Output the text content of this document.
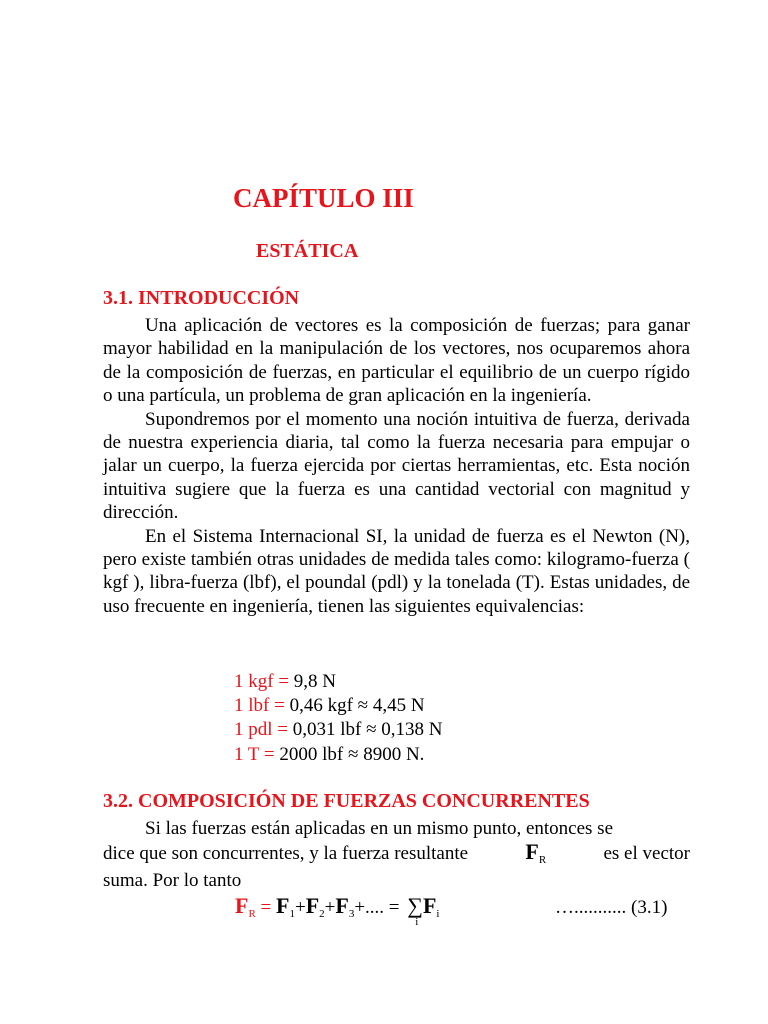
CAPÍTULO III
ESTÁTICA
3.1. INTRODUCCIÓN

Una aplicación de vectores es la composición de fuerzas; para ganar mayor habilidad en la manipulación de los vectores, nos ocuparemos ahora de la composición de fuerzas, en particular el equilibrio de un cuerpo rígido o una partícula, un problema de gran aplicación en la ingeniería.

Supondremos por el momento una noción intuitiva de fuerza, derivada de nuestra experiencia diaria, tal como la fuerza necesaria para empujar o jalar un cuerpo, la fuerza ejercida por ciertas herramientas, etc. Esta noción intuitiva sugiere que la fuerza es una cantidad vectorial con magnitud y dirección.

En el Sistema Internacional SI, la unidad de fuerza es el Newton (N), pero existe también otras unidades de medida tales como: kilogramo-fuerza ( kgf ), libra-fuerza (lbf), el poundal (pdl) y la tonelada (T). Estas unidades, de uso frecuente en ingeniería, tienen las siguientes equivalencias:

1 kgf = 9,8 N
1 lbf = 0,46 kgf ≈ 4,45 N
1 pdl = 0,031 lbf ≈ 0,138 N
1 T = 2000 lbf ≈ 8900 N.
3.2. COMPOSICIÓN DE FUERZAS CONCURRENTES
Si las fuerzas están aplicadas en un mismo punto, entonces se
dice que son concurrentes, y la fuerza resultante	$F_R$	es el vector
suma. Por lo tanto
$F_R = F_1+F_2+F_3+$.... = ∑
i
$F_i$	…........... (3.1)
